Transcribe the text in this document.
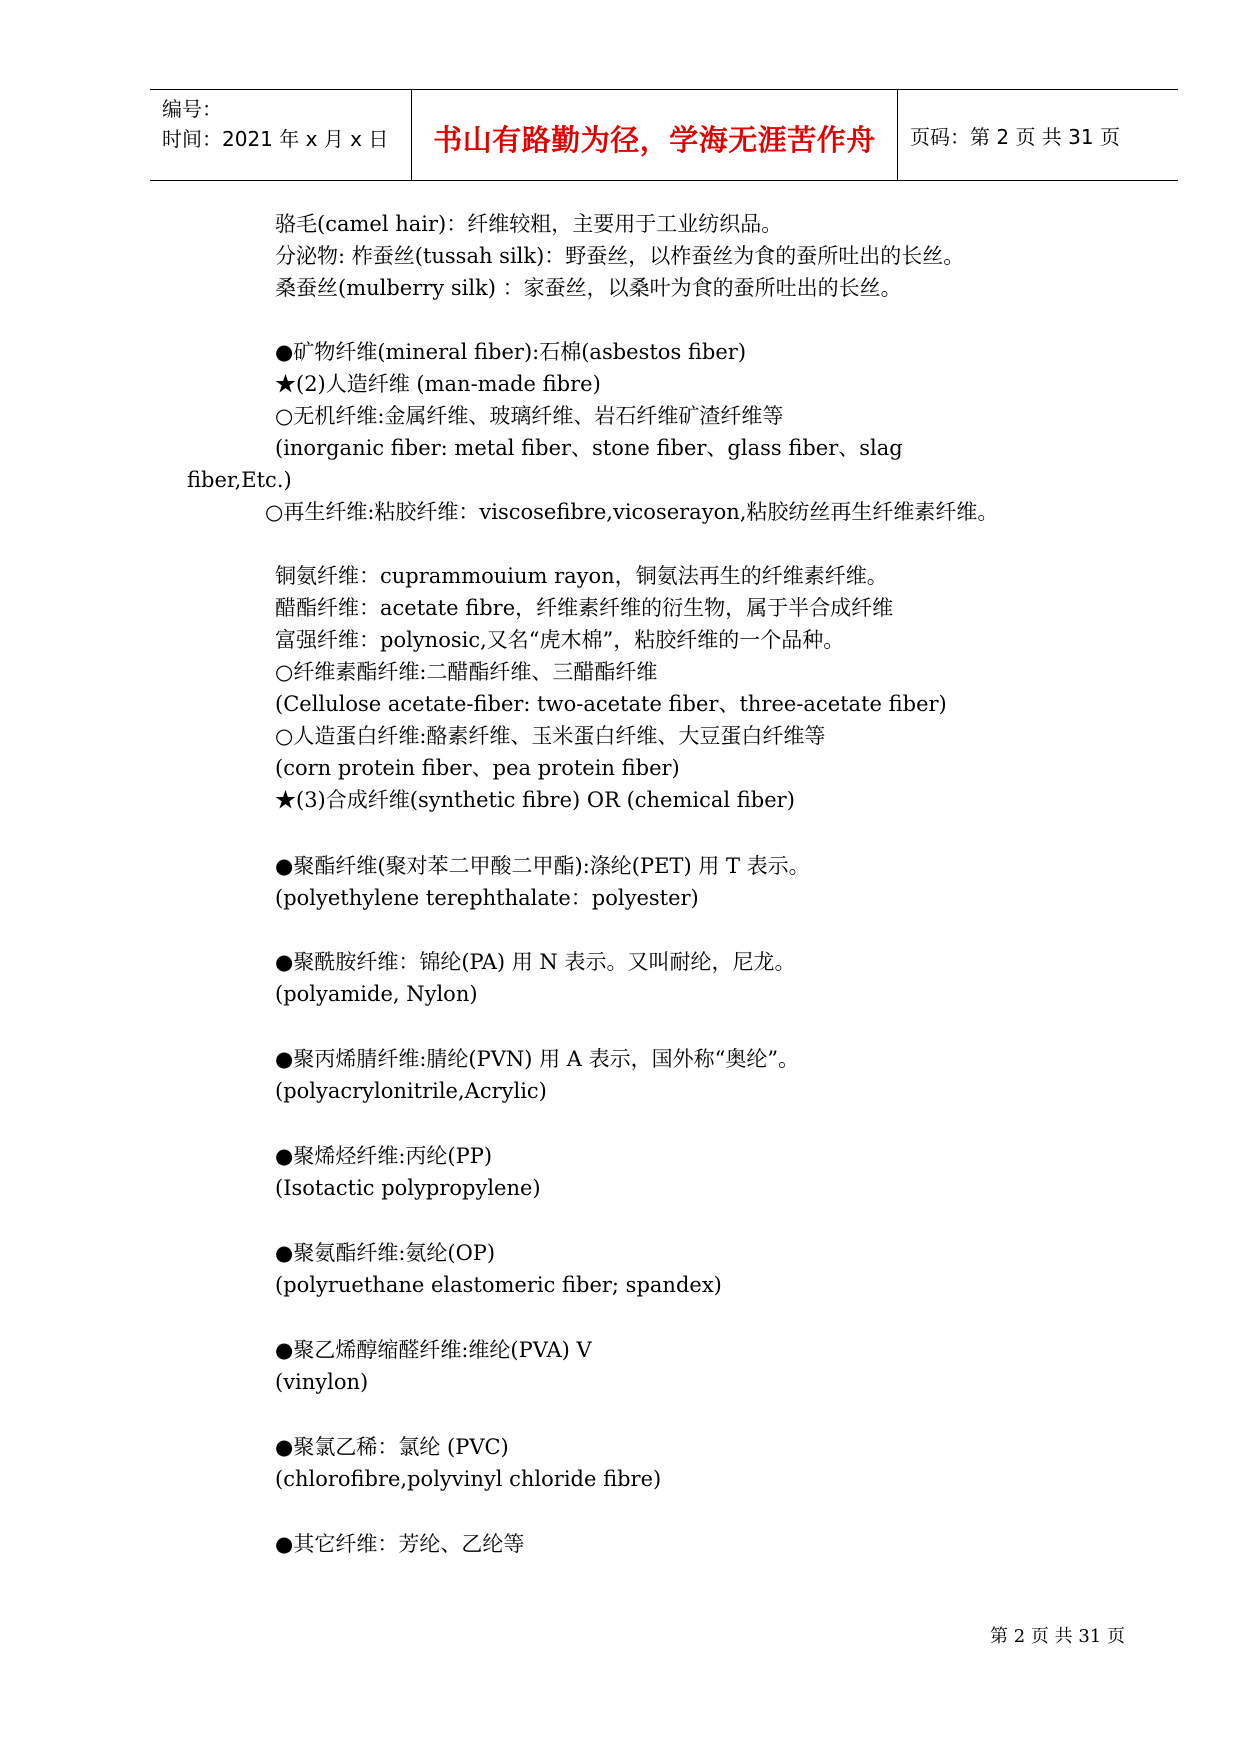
编号：
时间：2021 年 x 月 x 日	书山有路勤为径，学海无涯苦作舟 页码：第 2 页 共 31 页
骆毛(camel hair)：纤维较粗，主要用于工业纺织品。
分泌物: 柞蚕丝(tussah silk)：野蚕丝，以柞蚕丝为食的蚕所吐出的长丝。
桑蚕丝(mulberry silk) ：家蚕丝，以桑叶为食的蚕所吐出的长丝。
●矿物纤维(mineral fiber):石棉(asbestos fiber)
★(2)人造纤维 (man-made fibre)
○无机纤维:金属纤维、玻璃纤维、岩石纤维矿渣纤维等
(inorganic fiber: metal fiber、stone fiber、glass fiber、slag
fiber,Etc.)
○再生纤维:粘胶纤维：viscosefibre,vicoserayon,粘胶纺丝再生纤维素纤维。
铜氨纤维：cuprammouium rayon，铜氨法再生的纤维素纤维。
醋酯纤维：acetate fibre，纤维素纤维的衍生物，属于半合成纤维
富强纤维：polynosic,又名“虎木棉”，粘胶纤维的一个品种。
○纤维素酯纤维:二醋酯纤维、三醋酯纤维
(Cellulose acetate-fiber: two-acetate fiber、three-acetate fiber)
○人造蛋白纤维:酪素纤维、玉米蛋白纤维、大豆蛋白纤维等
(corn protein fiber、pea protein fiber)
★(3)合成纤维(synthetic fibre) OR (chemical fiber)
●聚酯纤维(聚对苯二甲酸二甲酯):涤纶(PET) 用 T 表示。
(polyethylene terephthalate：polyester)
●聚酰胺纤维：锦纶(PA) 用 N 表示。又叫耐纶，尼龙。
(polyamide, Nylon)
●聚丙烯腈纤维:腈纶(PVN) 用 A 表示，国外称“奥纶”。
(polyacrylonitrile,Acrylic)
●聚烯烃纤维:丙纶(PP)
(Isotactic polypropylene)
●聚氨酯纤维:氨纶(OP)
(polyruethane elastomeric fiber; spandex)
●聚乙烯醇缩醛纤维:维纶(PVA) V
(vinylon)
●聚氯乙稀：氯纶 (PVC)
(chlorofibre,polyvinyl chloride fibre)
●其它纤维：芳纶、乙纶等
第 2 页 共 31 页
